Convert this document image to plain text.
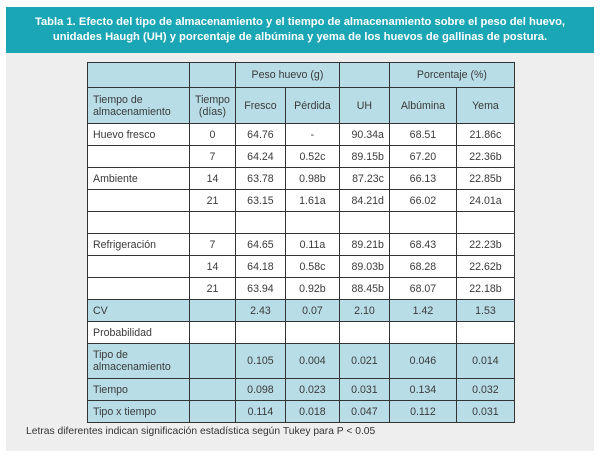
Tabla 1. Efecto del tipo de almacenamiento y el tiempo de almacenamiento sobre el peso del huevo,
unidades Haugh (UH) y porcentaje de albúmina y yema de los huevos de gallinas de postura.
		Peso huevo (g)			Porcentaje (%)	
Tiempo de almacenamiento	Tiempo (días)	Fresco	Pérdida	UH	Albúmina	Yema
Huevo fresco	0	64.76	-	90.34a	68.51	21.86c
	7	64.24	0.52c	89.15b	67.20	22.36b
Ambiente	14	63.78	0.98b	87.23c	66.13	22.85b
	21	63.15	1.61a	84.21d	66.02	24.01a

Refrigeración	7	64.65	0.11a	89.21b	68.43	22.23b
	14	64.18	0.58c	89.03b	68.28	22.62b
	21	63.94	0.92b	88.45b	68.07	22.18b
CV		2.43	0.07	2.10	1.42	1.53
Probabilidad						
Tipo de almacenamiento		0.105	0.004	0.021	0.046	0.014
Tiempo		0.098	0.023	0.031	0.134	0.032
Tipo x tiempo		0.114	0.018	0.047	0.112	0.031
Letras diferentes indican significación estadística según Tukey para P < 0.05
